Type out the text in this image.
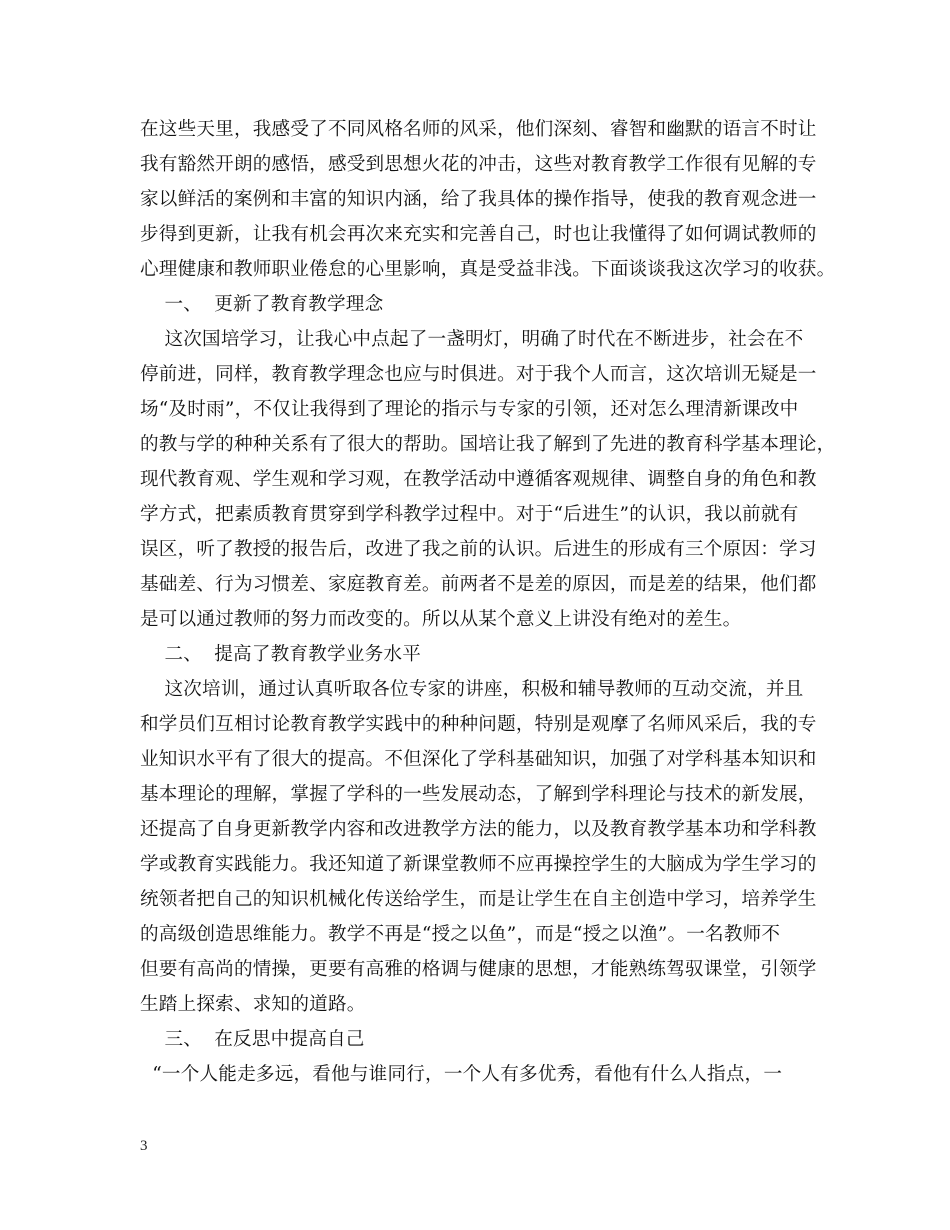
在这些天里，我感受了不同风格名师的风采，他们深刻、睿智和幽默的语言不时让
我有豁然开朗的感悟，感受到思想火花的冲击，这些对教育教学工作很有见解的专
家以鲜活的案例和丰富的知识内涵，给了我具体的操作指导，使我的教育观念进一
步得到更新，让我有机会再次来充实和完善自己，时也让我懂得了如何调试教师的
心理健康和教师职业倦怠的心里影响，真是受益非浅。下面谈谈我这次学习的收获。
一、  更新了教育教学理念
这次国培学习，让我心中点起了一盏明灯，明确了时代在不断进步，社会在不
停前进，同样，教育教学理念也应与时俱进。对于我个人而言，这次培训无疑是一
场“及时雨”，不仅让我得到了理论的指示与专家的引领，还对怎么理清新课改中
的教与学的种种关系有了很大的帮助。国培让我了解到了先进的教育科学基本理论，
现代教育观、学生观和学习观，在教学活动中遵循客观规律、调整自身的角色和教
学方式，把素质教育贯穿到学科教学过程中。对于“后进生”的认识，我以前就有
误区，听了教授的报告后，改进了我之前的认识。后进生的形成有三个原因：学习
基础差、行为习惯差、家庭教育差。前两者不是差的原因，而是差的结果，他们都
是可以通过教师的努力而改变的。所以从某个意义上讲没有绝对的差生。
二、  提高了教育教学业务水平
这次培训，通过认真听取各位专家的讲座，积极和辅导教师的互动交流，并且
和学员们互相讨论教育教学实践中的种种问题，特别是观摩了名师风采后，我的专
业知识水平有了很大的提高。不但深化了学科基础知识，加强了对学科基本知识和
基本理论的理解，掌握了学科的一些发展动态，了解到学科理论与技术的新发展，
还提高了自身更新教学内容和改进教学方法的能力，以及教育教学基本功和学科教
学或教育实践能力。我还知道了新课堂教师不应再操控学生的大脑成为学生学习的
统领者把自己的知识机械化传送给学生，而是让学生在自主创造中学习，培养学生
的高级创造思维能力。教学不再是“授之以鱼”，而是“授之以渔”。一名教师不
但要有高尚的情操，更要有高雅的格调与健康的思想，才能熟练驾驭课堂，引领学
生踏上探索、求知的道路。
三、  在反思中提高自己
“一个人能走多远，看他与谁同行，一个人有多优秀，看他有什么人指点，一
3
